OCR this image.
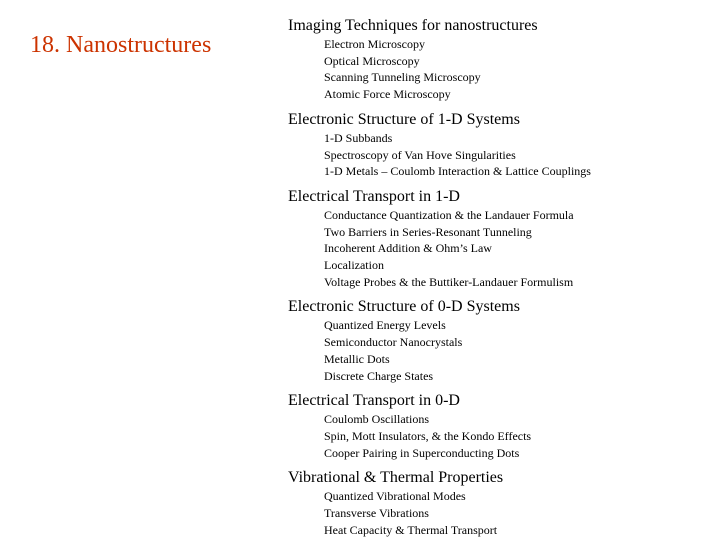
18. Nanostructures
Imaging Techniques for nanostructures
Electron Microscopy
Optical Microscopy
Scanning Tunneling Microscopy
Atomic Force Microscopy
Electronic Structure of 1-D Systems
1-D Subbands
Spectroscopy of Van Hove Singularities
1-D Metals – Coulomb Interaction & Lattice Couplings
Electrical Transport in 1-D
Conductance Quantization & the Landauer Formula
Two Barriers in Series-Resonant Tunneling
Incoherent Addition & Ohm’s Law
Localization
Voltage Probes & the Buttiker-Landauer Formulism
Electronic Structure of 0-D Systems
Quantized Energy Levels
Semiconductor Nanocrystals
Metallic Dots
Discrete Charge States
Electrical Transport in 0-D
Coulomb Oscillations
Spin, Mott Insulators, & the Kondo Effects
Cooper Pairing in Superconducting Dots
Vibrational & Thermal Properties
Quantized Vibrational Modes
Transverse Vibrations
Heat Capacity & Thermal Transport
